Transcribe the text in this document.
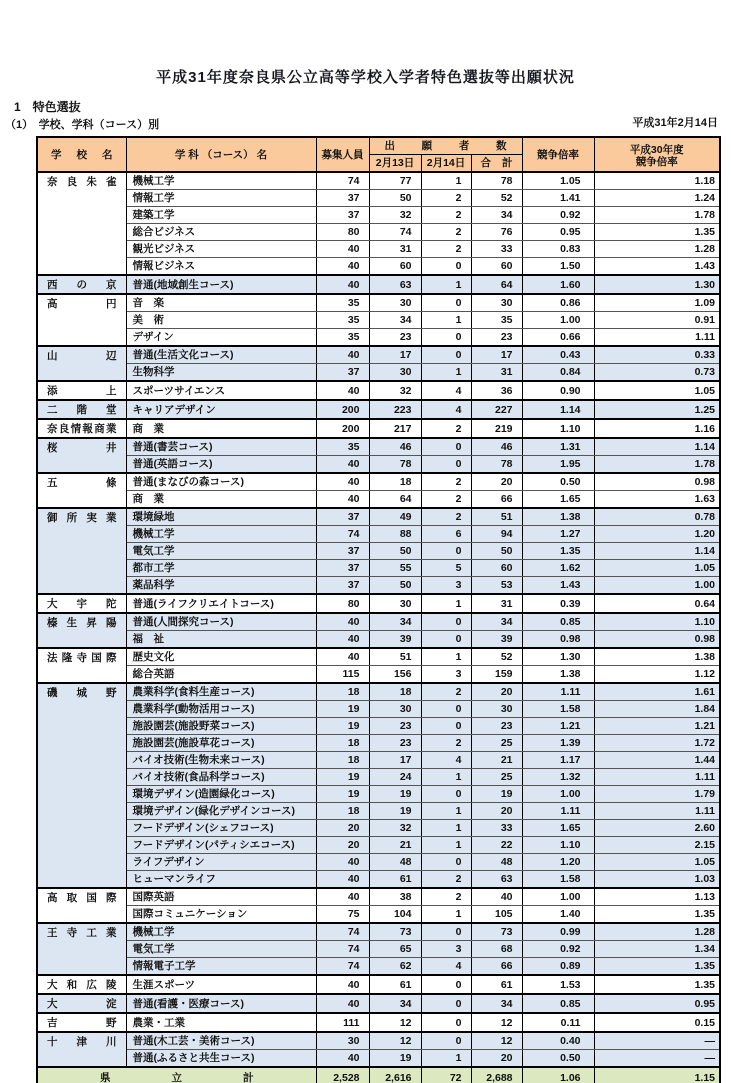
平成31年度奈良県公立高等学校入学者特色選抜等出願状況
1　特色選抜
（1）　学校、学科（コース）別	平成31年2月14日
学　校　名	学 科 （コース） 名	募集人員	出　願　者　数			競争倍率	平成30年度
競争倍率
			2月13日	2月14日	合　計		
奈良朱雀	機械工学	74	77	1	78	1.05	1.18
	情報工学	37	50	2	52	1.41	1.24
	建築工学	37	32	2	34	0.92	1.78
	総合ビジネス	80	74	2	76	0.95	1.35
	観光ビジネス	40	31	2	33	0.83	1.28
	情報ビジネス	40	60	0	60	1.50	1.43
西の京	普通(地域創生コース)	40	63	1	64	1.60	1.30
高円	音　楽	35	30	0	30	0.86	1.09
	美　術	35	34	1	35	1.00	0.91
	デザイン	35	23	0	23	0.66	1.11
山辺	普通(生活文化コース)	40	17	0	17	0.43	0.33
	生物科学	37	30	1	31	0.84	0.73
添上	スポーツサイエンス	40	32	4	36	0.90	1.05
二階堂	キャリアデザイン	200	223	4	227	1.14	1.25
奈良情報商業	商　業	200	217	2	219	1.10	1.16
桜井	普通(書芸コース)	35	46	0	46	1.31	1.14
	普通(英語コース)	40	78	0	78	1.95	1.78
五條	普通(まなびの森コース)	40	18	2	20	0.50	0.98
	商　業	40	64	2	66	1.65	1.63
御所実業	環境緑地	37	49	2	51	1.38	0.78
	機械工学	74	88	6	94	1.27	1.20
	電気工学	37	50	0	50	1.35	1.14
	都市工学	37	55	5	60	1.62	1.05
	薬品科学	37	50	3	53	1.43	1.00
大宇陀	普通(ライフクリエイトコース)	80	30	1	31	0.39	0.64
榛生昇陽	普通(人間探究コース)	40	34	0	34	0.85	1.10
	福　祉	40	39	0	39	0.98	0.98
法隆寺国際	歴史文化	40	51	1	52	1.30	1.38
	総合英語	115	156	3	159	1.38	1.12
磯城野	農業科学(食料生産コース)	18	18	2	20	1.11	1.61
	農業科学(動物活用コース)	19	30	0	30	1.58	1.84
	施設園芸(施設野菜コース)	19	23	0	23	1.21	1.21
	施設園芸(施設草花コース)	18	23	2	25	1.39	1.72
	バイオ技術(生物未来コース)	18	17	4	21	1.17	1.44
	バイオ技術(食品科学コース)	19	24	1	25	1.32	1.11
	環境デザイン(造園緑化コース)	19	19	0	19	1.00	1.79
	環境デザイン(緑化デザインコース)	18	19	1	20	1.11	1.11
	フードデザイン(シェフコース)	20	32	1	33	1.65	2.60
	フードデザイン(パティシエコース)	20	21	1	22	1.10	2.15
	ライフデザイン	40	48	0	48	1.20	1.05
	ヒューマンライフ	40	61	2	63	1.58	1.03
高取国際	国際英語	40	38	2	40	1.00	1.13
	国際コミュニケーション	75	104	1	105	1.40	1.35
王寺工業	機械工学	74	73	0	73	0.99	1.28
	電気工学	74	65	3	68	0.92	1.34
	情報電子工学	74	62	4	66	0.89	1.35
大和広陵	生涯スポーツ	40	61	0	61	1.53	1.35
大淀	普通(看護・医療コース)	40	34	0	34	0.85	0.95
吉野	農業・工業	111	12	0	12	0.11	0.15
十津川	普通(木工芸・美術コース)	30	12	0	12	0.40	―
	普通(ふるさと共生コース)	40	19	1	20	0.50	―
県　立　計		2,528	2,616	72	2,688	1.06	1.15
